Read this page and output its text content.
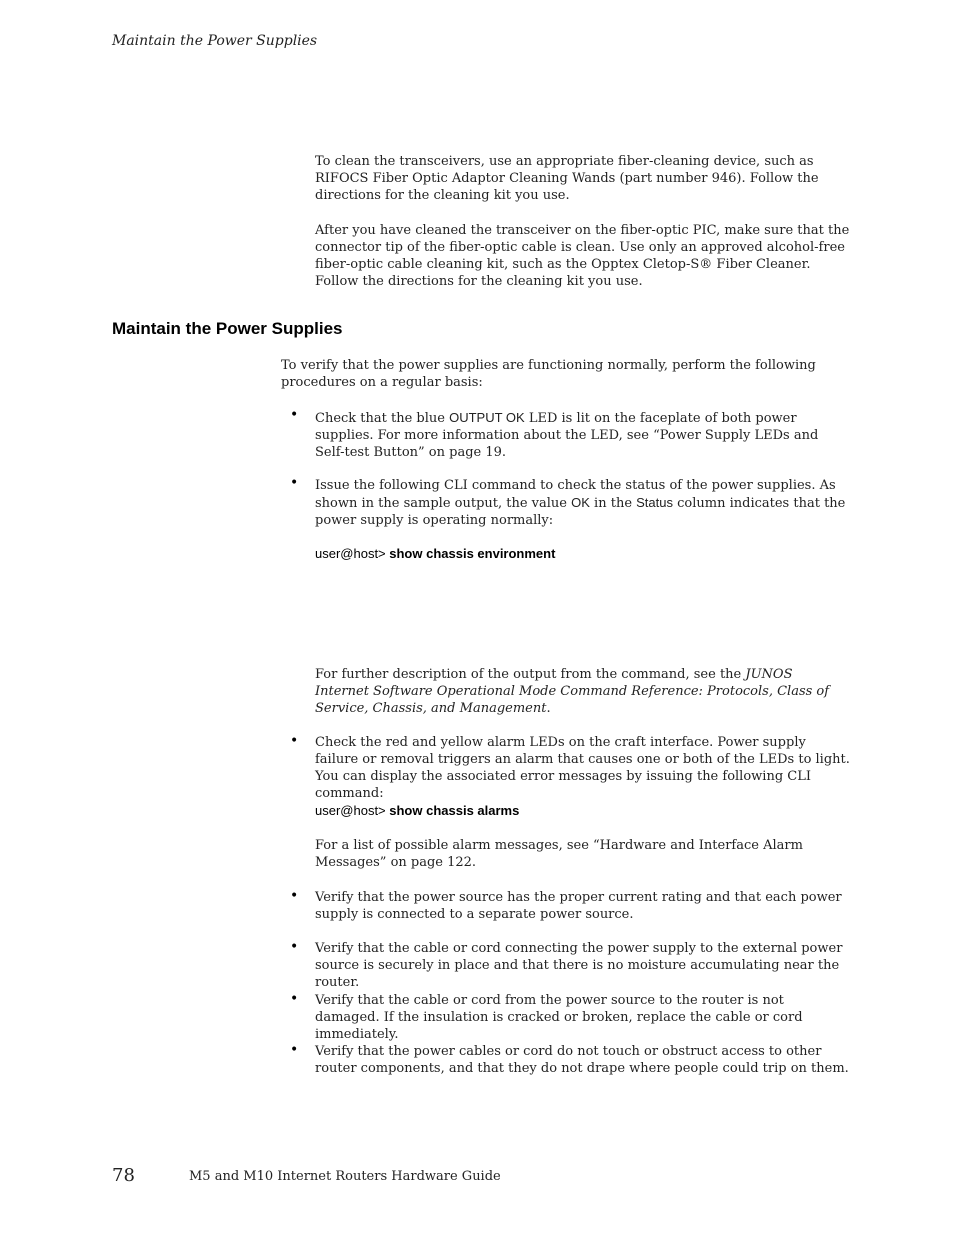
Maintain the Power Supplies
To clean the transceivers, use an appropriate fiber-cleaning device, such as RIFOCS Fiber Optic Adaptor Cleaning Wands (part number 946). Follow the directions for the cleaning kit you use.
After you have cleaned the transceiver on the fiber-optic PIC, make sure that the connector tip of the fiber-optic cable is clean. Use only an approved alcohol-free fiber-optic cable cleaning kit, such as the Opptex Cletop-S® Fiber Cleaner. Follow the directions for the cleaning kit you use.
Maintain the Power Supplies
To verify that the power supplies are functioning normally, perform the following procedures on a regular basis:
• Check that the blue OUTPUT OK LED is lit on the faceplate of both power supplies. For more information about the LED, see “Power Supply LEDs and Self-test Button” on page 19.
• Issue the following CLI command to check the status of the power supplies. As shown in the sample output, the value OK in the Status column indicates that the power supply is operating normally:
user@host> show chassis environment
For further description of the output from the command, see the JUNOS Internet Software Operational Mode Command Reference: Protocols, Class of Service, Chassis, and Management.
• Check the red and yellow alarm LEDs on the craft interface. Power supply failure or removal triggers an alarm that causes one or both of the LEDs to light. You can display the associated error messages by issuing the following CLI command:
user@host> show chassis alarms
For a list of possible alarm messages, see “Hardware and Interface Alarm Messages” on page 122.
• Verify that the power source has the proper current rating and that each power supply is connected to a separate power source.
• Verify that the cable or cord connecting the power supply to the external power source is securely in place and that there is no moisture accumulating near the router.
• Verify that the cable or cord from the power source to the router is not damaged. If the insulation is cracked or broken, replace the cable or cord immediately.
• Verify that the power cables or cord do not touch or obstruct access to other router components, and that they do not drape where people could trip on them.
78	M5 and M10 Internet Routers Hardware Guide
